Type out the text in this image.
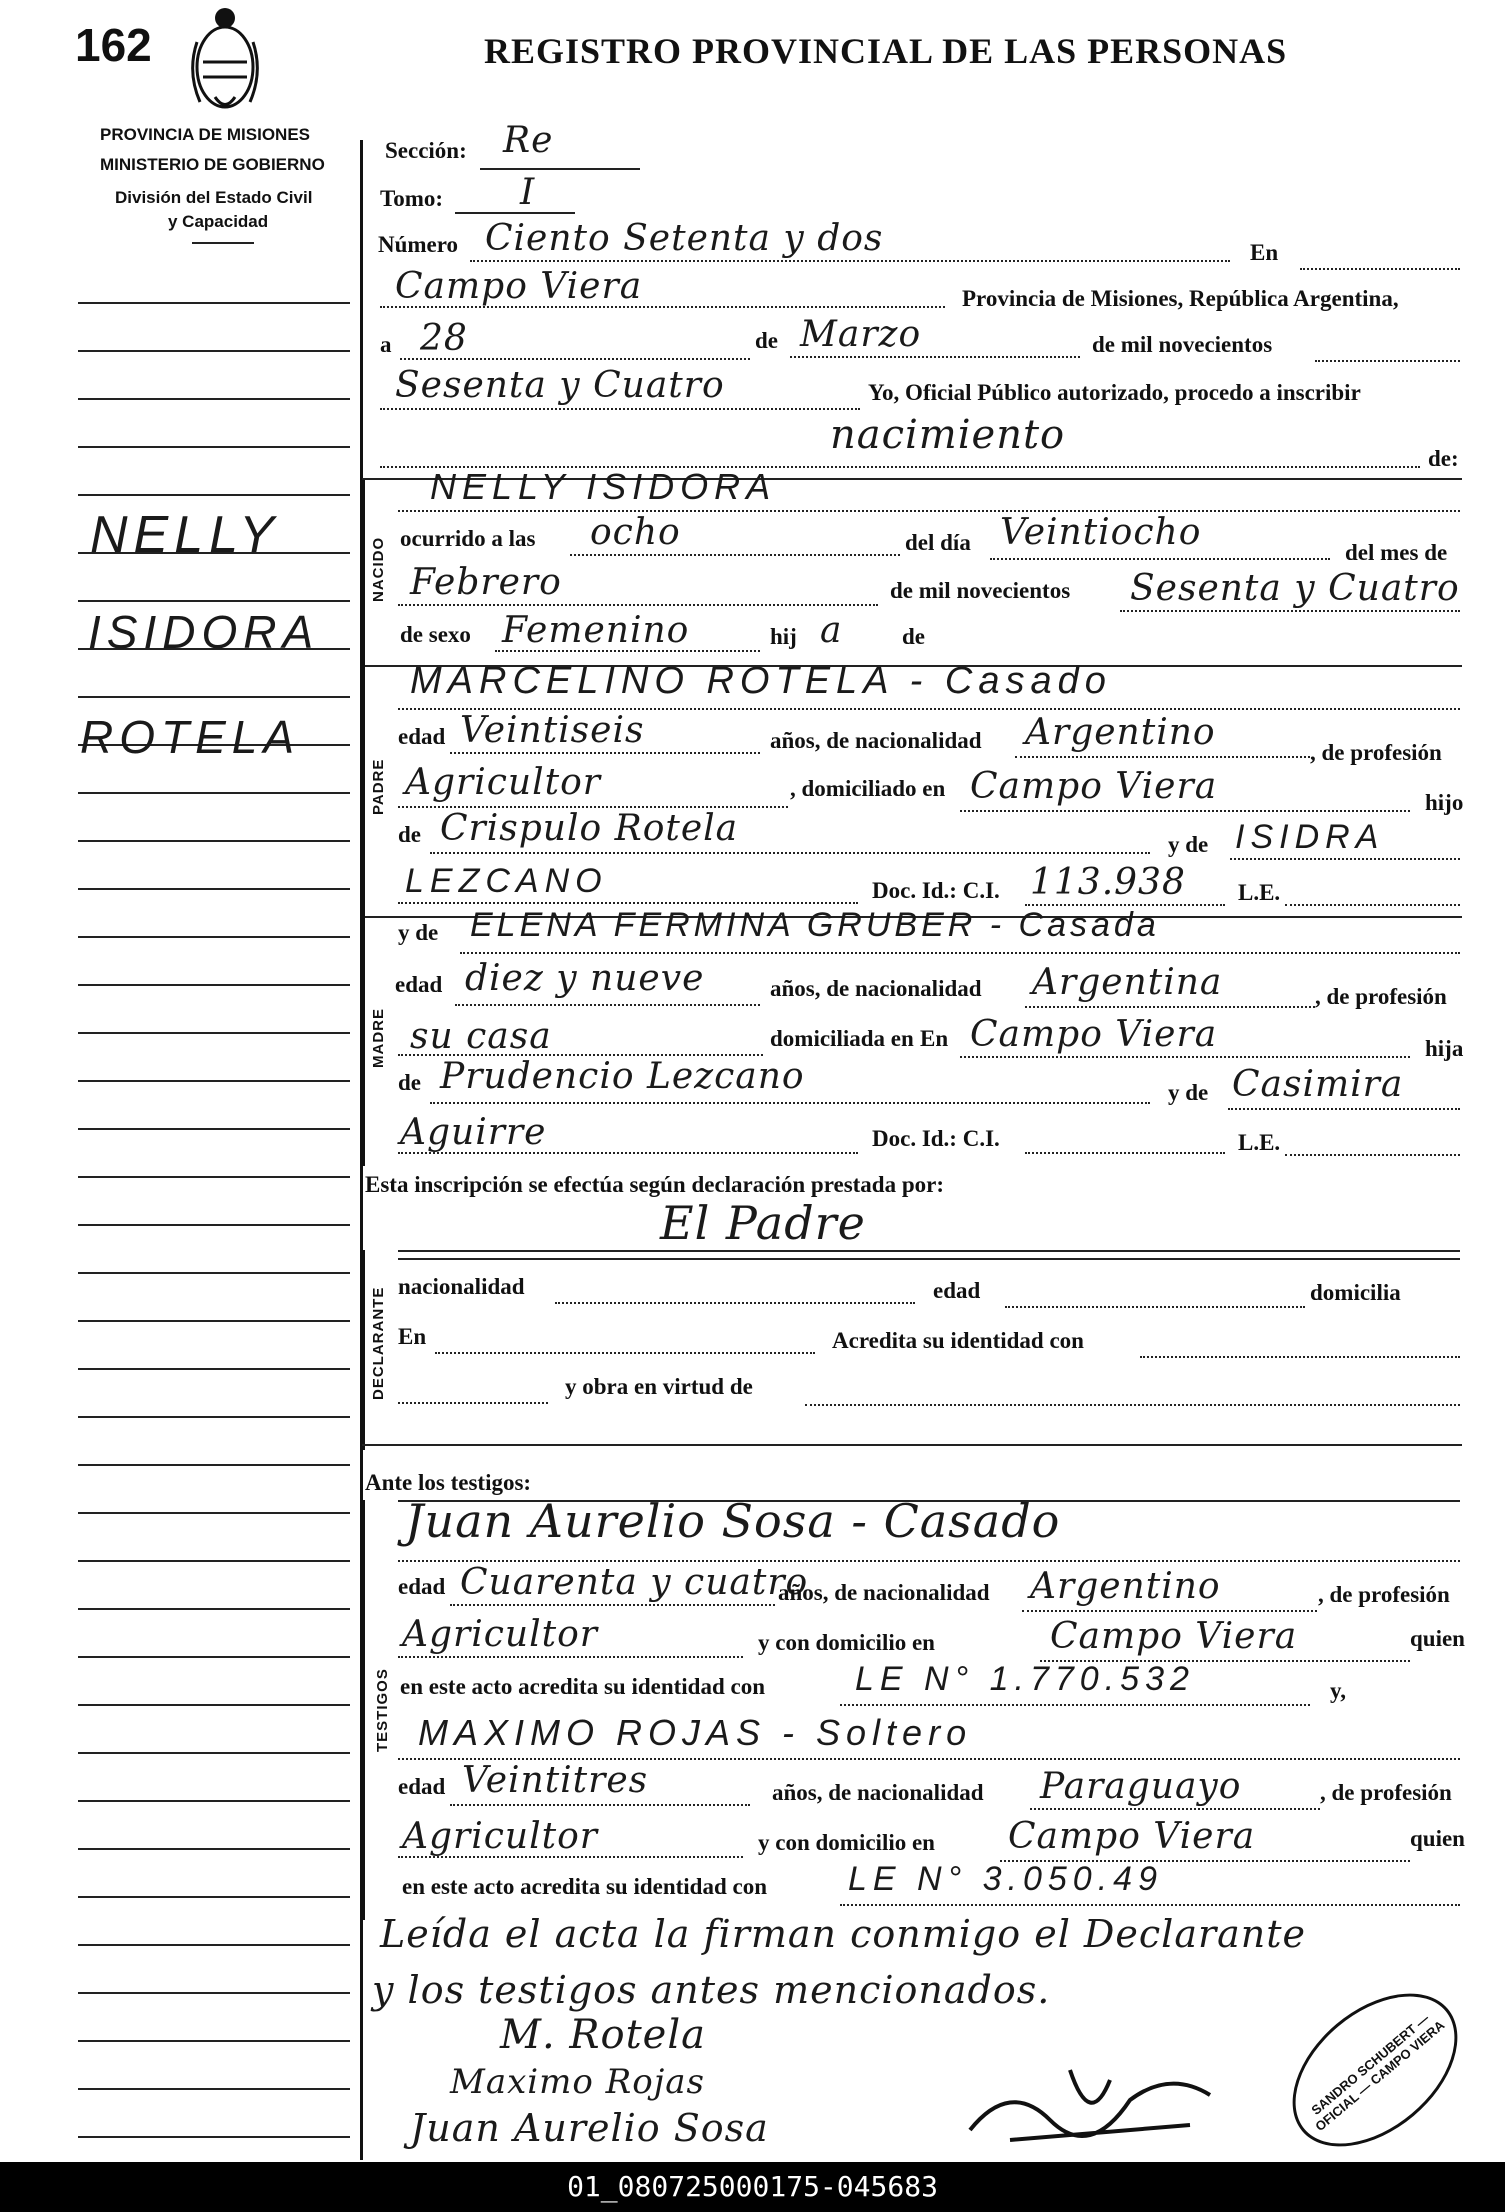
162	REGISTRO PROVINCIAL DE LAS PERSONAS
PROVINCIA DE MISIONES
MINISTERIO DE GOBIERNO
División del Estado Civil
y Capacidad
NELLY
ISIDORA
ROTELA
Sección: Re
Tomo: I
Número Ciento Setenta y dos	En
Campo Viera	Provincia de Misiones, República Argentina,
a 28	de Marzo	de mil novecientos
Sesenta y Cuatro	Yo, Oficial Público autorizado, procedo a inscribir
nacimiento
de:
NACIDO
NELLY ISIDORA
ocurrido a las ocho	del día Veintiocho	del mes de
Febrero	de mil novecientos Sesenta y Cuatro
de sexo Femenino	hij a	de
PADRE
MARCELINO ROTELA - Casado
edad Veintiseis	años, de nacionalidad Argentino	, de profesión
Agricultor	, domiciliado en Campo Viera	hijo
de Crispulo Rotela	y de ISIDRA
LEZCANO	Doc. Id.: C.I. 113.938 L.E.
MADRE
y de ELENA FERMINA GRUBER - Casada
edad diez y nueve	años, de nacionalidad Argentina	, de profesión
su casa	domiciliada en En Campo Viera	hija
de Prudencio Lezcano	y de Casimira
Aguirre	Doc. Id.: C.I.	L.E.
Esta inscripción se efectúa según declaración prestada por:
El Padre
DECLARANTE
nacionalidad	edad	domicilia
En	Acredita su identidad con
y obra en virtud de
Ante los testigos:
TESTIGOS
Juan Aurelio Sosa - Casado
edad Cuarenta y cuatro
años, de nacionalidad Argentino	, de profesión
Agricultor	y con domicilio en	Campo Viera	quien
en este acto acredita su identidad con	LE N° 1.770.532	y,
MAXIMO ROJAS - Soltero
edad Veintitres	años, de nacionalidad Paraguayo	, de profesión
Agricultor	y con domicilio en Campo Viera	quien
en este acto acredita su identidad con LE N° 3.050.49
Leída el acta la firman conmigo el Declarante
y los testigos antes mencionados.
M. Rotela
Maximo Rojas
Juan Aurelio Sosa
SANDRO SCHUBERT — OFICIAL — CAMPO VIERA
01_080725000175-045683
